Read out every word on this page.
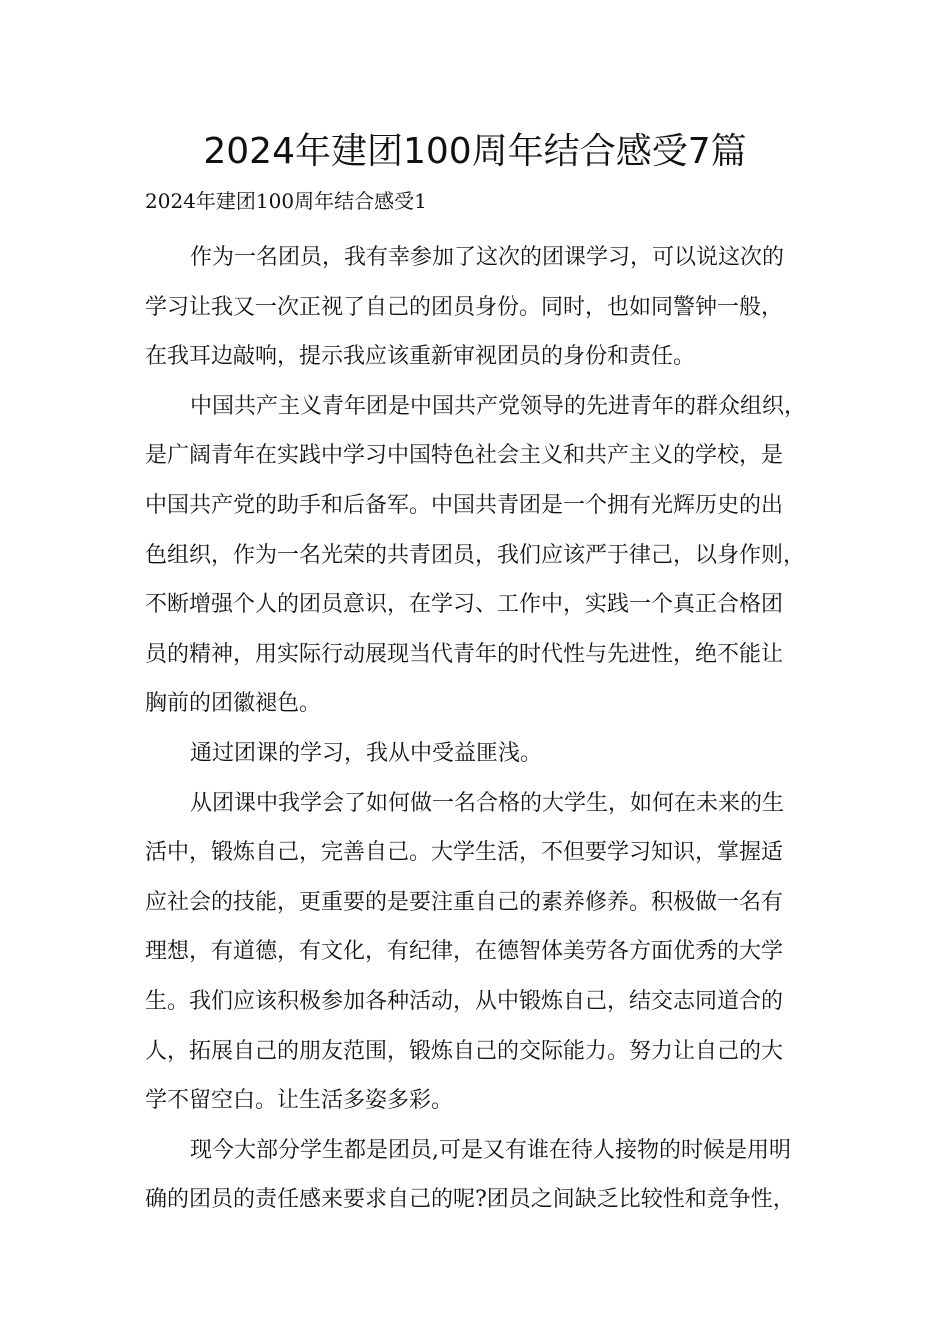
2024年建团100周年结合感受7篇
2024年建团100周年结合感受1
作为一名团员，我有幸参加了这次的团课学习，可以说这次的
学习让我又一次正视了自己的团员身份。同时，也如同警钟一般，
在我耳边敲响，提示我应该重新审视团员的身份和责任。
中国共产主义青年团是中国共产党领导的先进青年的群众组织，
是广阔青年在实践中学习中国特色社会主义和共产主义的学校，是
中国共产党的助手和后备军。中国共青团是一个拥有光辉历史的出
色组织，作为一名光荣的共青团员，我们应该严于律己，以身作则，
不断增强个人的团员意识，在学习、工作中，实践一个真正合格团
员的精神，用实际行动展现当代青年的时代性与先进性，绝不能让
胸前的团徽褪色。
通过团课的学习，我从中受益匪浅。
从团课中我学会了如何做一名合格的大学生，如何在未来的生
活中，锻炼自己，完善自己。大学生活，不但要学习知识，掌握适
应社会的技能，更重要的是要注重自己的素养修养。积极做一名有
理想，有道德，有文化，有纪律，在德智体美劳各方面优秀的大学
生。我们应该积极参加各种活动，从中锻炼自己，结交志同道合的
人，拓展自己的朋友范围，锻炼自己的交际能力。努力让自己的大
学不留空白。让生活多姿多彩。
现今大部分学生都是团员,可是又有谁在待人接物的时候是用明
确的团员的责任感来要求自己的呢?团员之间缺乏比较性和竞争性，
